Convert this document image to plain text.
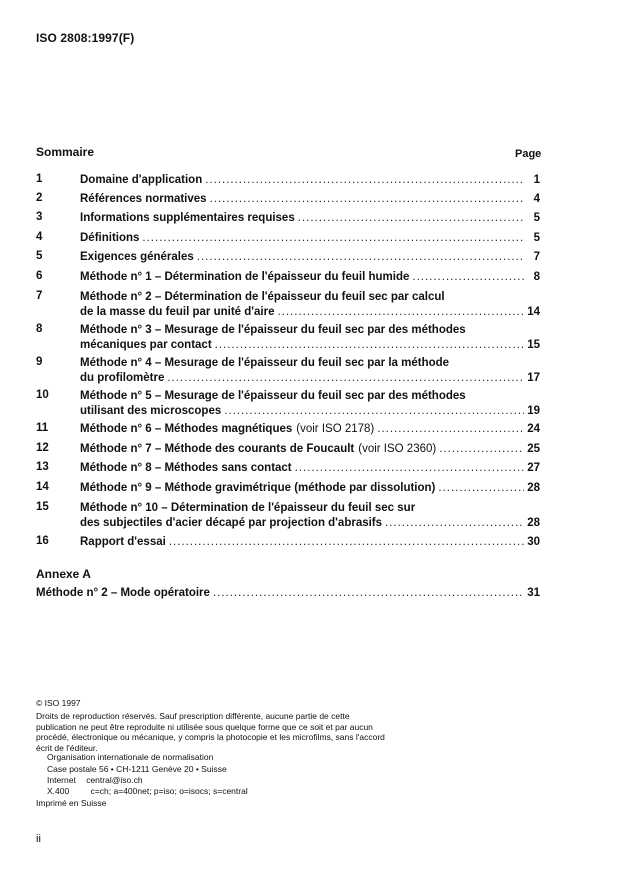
ISO 2808:1997(F)
Sommaire	Page
1	Domaine d'application .....	1
2	Références normatives .....	4
3	Informations supplémentaires requises .....	5
4	Définitions .....	5
5	Exigences générales .....	7
6	Méthode n° 1 – Détermination de l'épaisseur du feuil humide .....	8
7	Méthode n° 2 – Détermination de l'épaisseur du feuil sec par calcul
de la masse du feuil par unité d'aire .....	14
8	Méthode n° 3 – Mesurage de l'épaisseur du feuil sec par des méthodes
mécaniques par contact .....	15
9	Méthode n° 4 – Mesurage de l'épaisseur du feuil sec par la méthode
du profilomètre .....	17
10	Méthode n° 5 – Mesurage de l'épaisseur du feuil sec par des méthodes
utilisant des microscopes .....	19
11	Méthode n° 6 – Méthodes magnétiques (voir ISO 2178) .....	24
12	Méthode n° 7 – Méthode des courants de Foucault (voir ISO 2360) .....	25
13	Méthode n° 8 – Méthodes sans contact .....	27
14	Méthode n° 9 – Méthode gravimétrique (méthode par dissolution) .....	28
15	Méthode n° 10 – Détermination de l'épaisseur du feuil sec sur
des subjectiles d'acier décapé par projection d'abrasifs .....	28
16	Rapport d'essai .....	30
Annexe A
Méthode n° 2 – Mode opératoire .....	31
© ISO 1997
Droits de reproduction réservés. Sauf prescription différente, aucune partie de cette publication ne peut être reproduite ni utilisée sous quelque forme que ce soit et par aucun procédé, électronique ou mécanique, y compris la photocopie et les microfilms, sans l'accord écrit de l'éditeur.
Organisation internationale de normalisation
Case postale 56 • CH-1211 Genève 20 • Suisse
Internet central@iso.ch
X.400	c=ch; a=400net; p=iso; o=isocs; s=central
Imprimé en Suisse
ii
